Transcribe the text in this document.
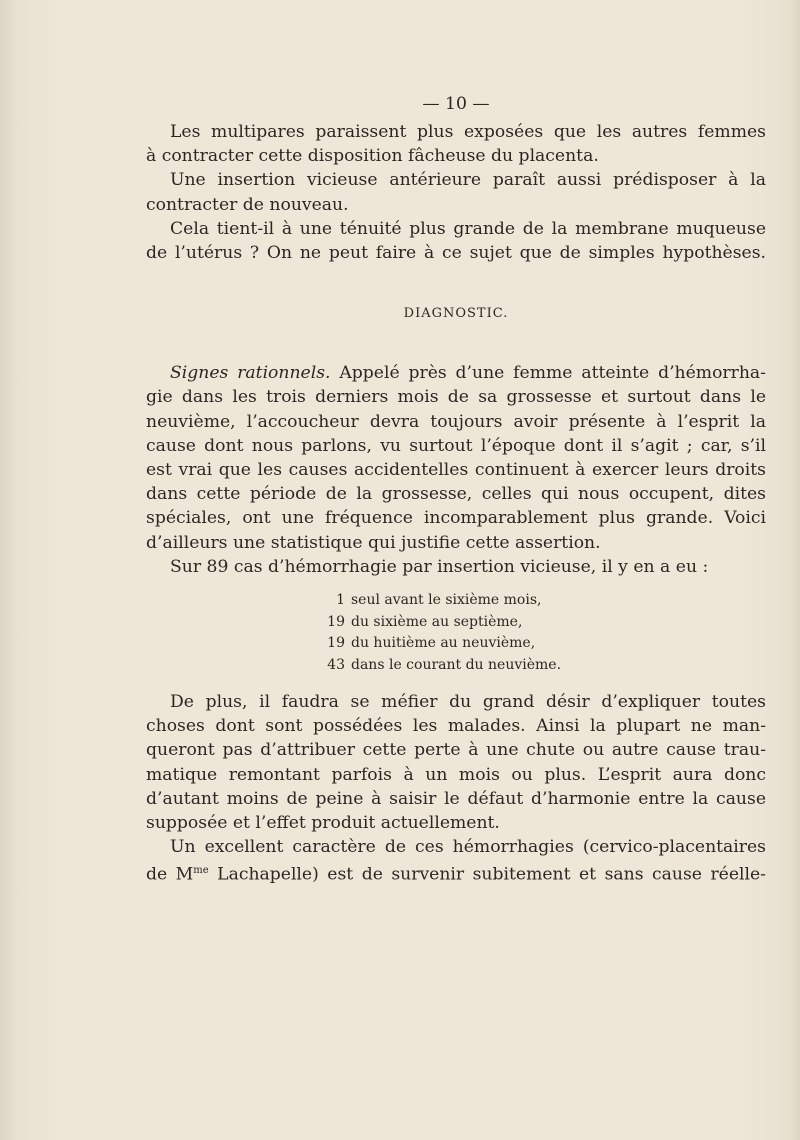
— 10 —
Les multipares paraissent plus exposées que les autres femmes
à contracter cette disposition fâcheuse du placenta.
Une insertion vicieuse antérieure paraît aussi prédisposer à la
contracter de nouveau.
Cela tient-il à une ténuité plus grande de la membrane muqueuse
de l’utérus ? On ne peut faire à ce sujet que de simples hypothèses.
DIAGNOSTIC.
Signes rationnels. Appelé près d’une femme atteinte d’hémorrha-
gie dans les trois derniers mois de sa grossesse et surtout dans le
neuvième, l’accoucheur devra toujours avoir présente à l’esprit la
cause dont nous parlons, vu surtout l’époque dont il s’agit ; car, s’il
est vrai que les causes accidentelles continuent à exercer leurs droits
dans cette période de la grossesse, celles qui nous occupent, dites
spéciales, ont une fréquence incomparablement plus grande. Voici
d’ailleurs une statistique qui justifie cette assertion.
Sur 89 cas d’hémorrhagie par insertion vicieuse, il y en a eu :
1 seul avant le sixième mois,
19 du sixième au septième,
19 du huitième au neuvième,
43 dans le courant du neuvième.
De plus, il faudra se méfier du grand désir d’expliquer toutes
choses dont sont possédées les malades. Ainsi la plupart ne man-
queront pas d’attribuer cette perte à une chute ou autre cause trau-
matique remontant parfois à un mois ou plus. L’esprit aura donc
d’autant moins de peine à saisir le défaut d’harmonie entre la cause
supposée et l’effet produit actuellement.
Un excellent caractère de ces hémorrhagies (cervico-placentaires
de $M^{me}$ Lachapelle) est de survenir subitement et sans cause réelle-
